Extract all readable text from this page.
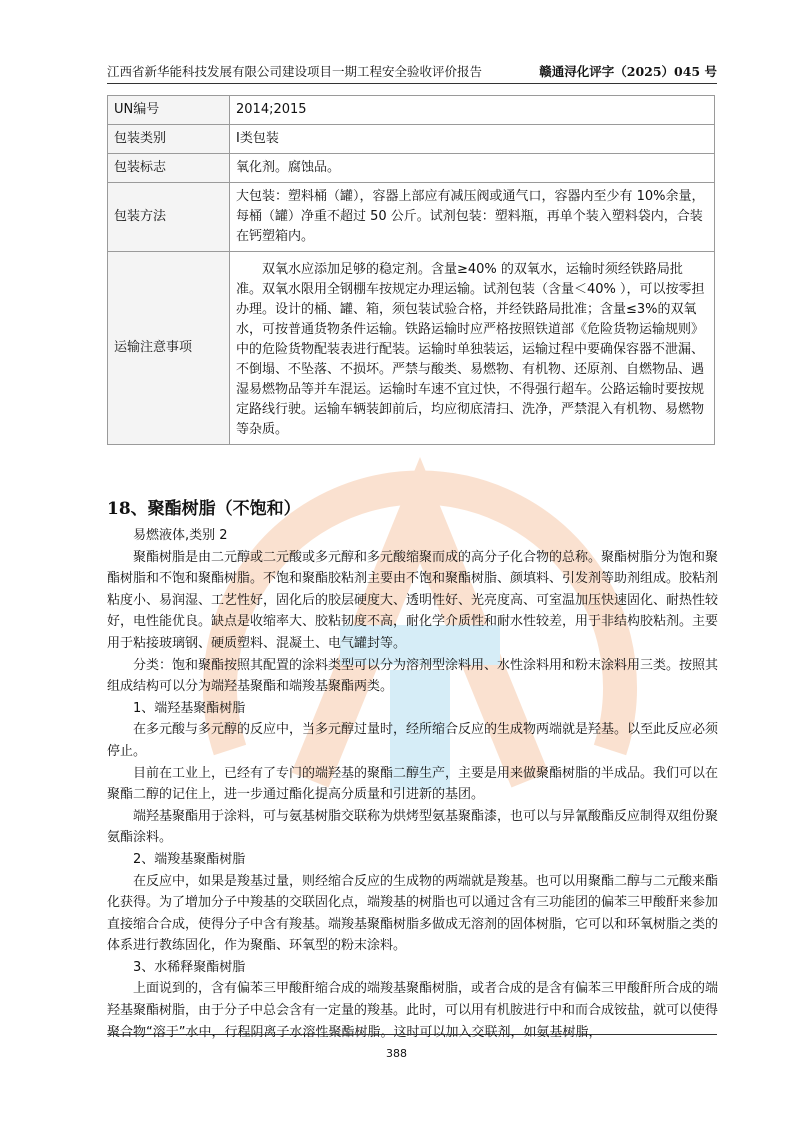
江西省新华能科技发展有限公司建设项目一期工程安全验收评价报告	赣通浔化评字（2025）045 号
UN编号	2014;2015
包装类别	Ⅰ类包装
包装标志	氧化剂。腐蚀品。
包装方法	大包装：塑料桶（罐），容器上部应有减压阀或通气口，容器内至少有 10%余量，每桶（罐）净重不超过 50 公斤。试剂包装：塑料瓶，再单个装入塑料袋内，合装在钙塑箱内。
运输注意事项	双氧水应添加足够的稳定剂。含量≥40% 的双氧水，运输时须经铁路局批准。双氧水限用全钢棚车按规定办理运输。试剂包装（含量＜40% ），可以按零担办理。设计的桶、罐、箱，须包装试验合格，并经铁路局批准；含量≤3%的双氧水，可按普通货物条件运输。铁路运输时应严格按照铁道部《危险货物运输规则》中的危险货物配装表进行配装。运输时单独装运，运输过程中要确保容器不泄漏、不倒塌、不坠落、不损坏。严禁与酸类、易燃物、有机物、还原剂、自燃物品、遇湿易燃物品等并车混运。运输时车速不宜过快，不得强行超车。公路运输时要按规定路线行驶。运输车辆装卸前后，均应彻底清扫、洗净，严禁混入有机物、易燃物等杂质。
18、聚酯树脂（不饱和）

易燃液体,类别 2

聚酯树脂是由二元醇或二元酸或多元醇和多元酸缩聚而成的高分子化合物的总称。聚酯树脂分为饱和聚酯树脂和不饱和聚酯树脂。不饱和聚酯胶粘剂主要由不饱和聚酯树脂、颜填料、引发剂等助剂组成。胶粘剂粘度小、易润湿、工艺性好，固化后的胶层硬度大、透明性好、光亮度高、可室温加压快速固化、耐热性较好，电性能优良。缺点是收缩率大、胶粘韧度不高，耐化学介质性和耐水性较差，用于非结构胶粘剂。主要用于粘接玻璃钢、硬质塑料、混凝土、电气罐封等。

分类：饱和聚酯按照其配置的涂料类型可以分为溶剂型涂料用、水性涂料用和粉末涂料用三类。按照其组成结构可以分为端羟基聚酯和端羧基聚酯两类。

1、端羟基聚酯树脂

在多元酸与多元醇的反应中，当多元醇过量时，经所缩合反应的生成物两端就是羟基。以至此反应必须停止。

目前在工业上，已经有了专门的端羟基的聚酯二醇生产，主要是用来做聚酯树脂的半成品。我们可以在聚酯二醇的记住上，进一步通过酯化提高分质量和引进新的基团。

端羟基聚酯用于涂料，可与氨基树脂交联称为烘烤型氨基聚酯漆，也可以与异氰酸酯反应制得双组份聚氨酯涂料。

2、端羧基聚酯树脂

在反应中，如果是羧基过量，则经缩合反应的生成物的两端就是羧基。也可以用聚酯二醇与二元酸来酯化获得。为了增加分子中羧基的交联固化点，端羧基的树脂也可以通过含有三功能团的偏苯三甲酸酐来参加直接缩合合成，使得分子中含有羧基。端羧基聚酯树脂多做成无溶剂的固体树脂，它可以和环氧树脂之类的体系进行教练固化，作为聚酯、环氧型的粉末涂料。

3、水稀释聚酯树脂

上面说到的，含有偏苯三甲酸酐缩合成的端羧基聚酯树脂，或者合成的是含有偏苯三甲酸酐所合成的端羟基聚酯树脂，由于分子中总会含有一定量的羧基。此时，可以用有机胺进行中和而合成铵盐，就可以使得聚合物“溶于”水中，行程阴离子水溶性聚酯树脂。这时可以加入交联剂，如氨基树脂，

388
